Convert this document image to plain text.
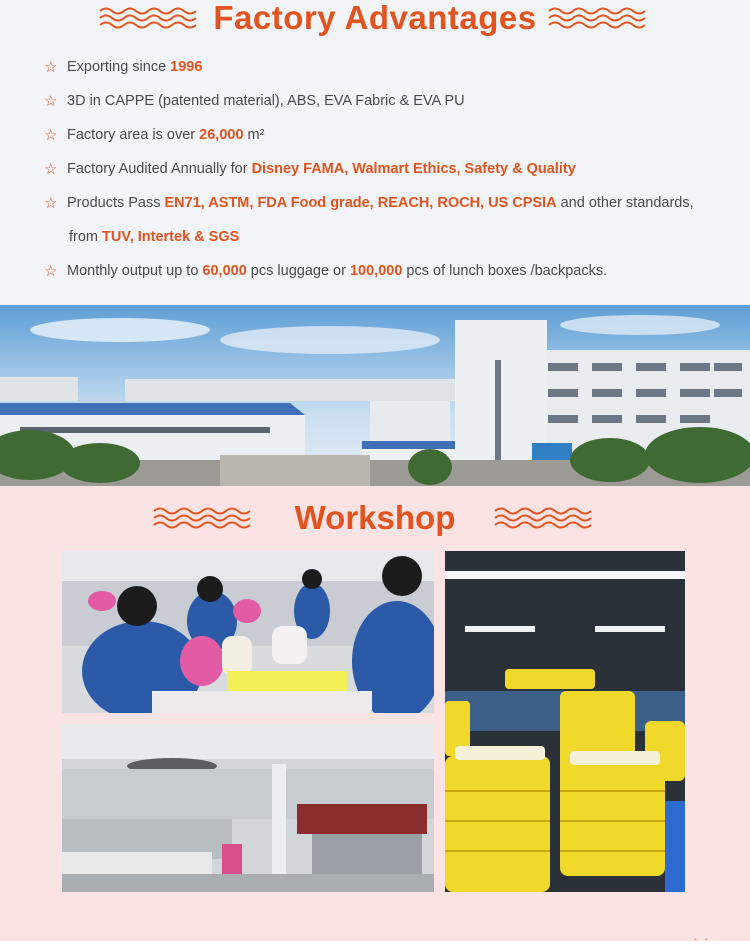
Factory Advantages
☆ Exporting since 1996
☆ 3D in CAPPE (patented material), ABS, EVA Fabric & EVA PU
☆ Factory area is over 26,000 m²
☆ Factory Audited Annually for Disney FAMA, Walmart Ethics, Safety & Quality
☆ Products Pass EN71, ASTM, FDA Food grade, REACH, ROCH, US CPSIA and other standards,
from TUV, Intertek & SGS
☆ Monthly output up to 60,000 pcs luggage or 100,000 pcs of lunch boxes /backpacks.
Workshop
• •
